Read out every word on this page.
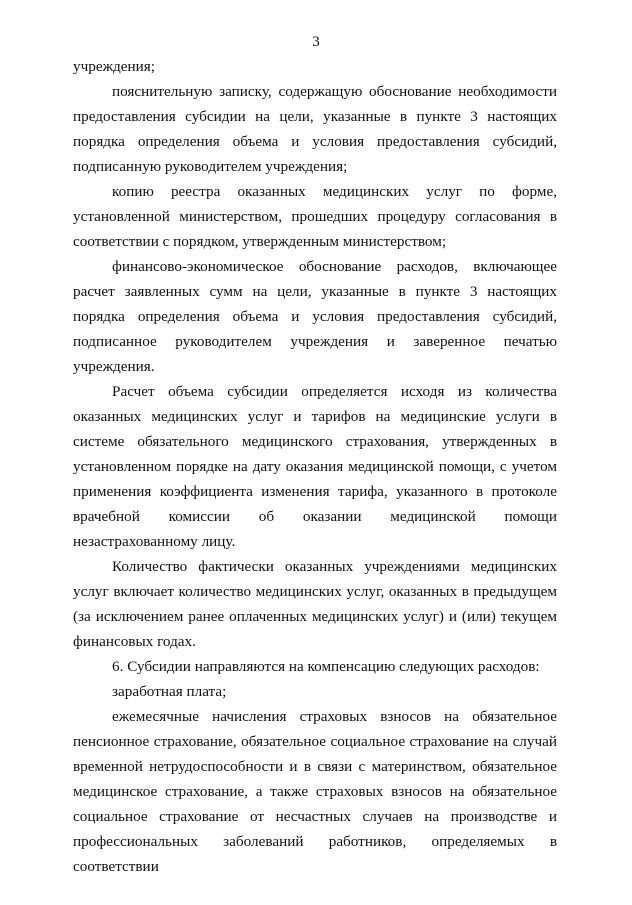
3

учреждения;

пояснительную записку, содержащую обоснование необходимости предоставления субсидии на цели, указанные в пункте 3 настоящих порядка определения объема и условия предоставления субсидий, подписанную руководителем учреждения;

копию реестра оказанных медицинских услуг по форме, установленной министерством, прошедших процедуру согласования в соответствии с порядком, утвержденным министерством;

финансово-экономическое обоснование расходов, включающее расчет заявленных сумм на цели, указанные в пункте 3 настоящих порядка определения объема и условия предоставления субсидий, подписанное руководителем учреждения и заверенное печатью учреждения.

Расчет объема субсидии определяется исходя из количества оказанных медицинских услуг и тарифов на медицинские услуги в системе обязательного медицинского страхования, утвержденных в установленном порядке на дату оказания медицинской помощи, с учетом применения коэффициента изменения тарифа, указанного в протоколе врачебной комиссии об оказании медицинской помощи незастрахованному лицу.

Количество фактически оказанных учреждениями медицинских услуг включает количество медицинских услуг, оказанных в предыдущем (за исключением ранее оплаченных медицинских услуг) и (или) текущем финансовых годах.

6. Субсидии направляются на компенсацию следующих расходов:

заработная плата;

ежемесячные начисления страховых взносов на обязательное пенсионное страхование, обязательное социальное страхование на случай временной нетрудоспособности и в связи с материнством, обязательное медицинское страхование, а также страховых взносов на обязательное социальное страхование от несчастных случаев на производстве и профессиональных заболеваний работников, определяемых в соответствии
